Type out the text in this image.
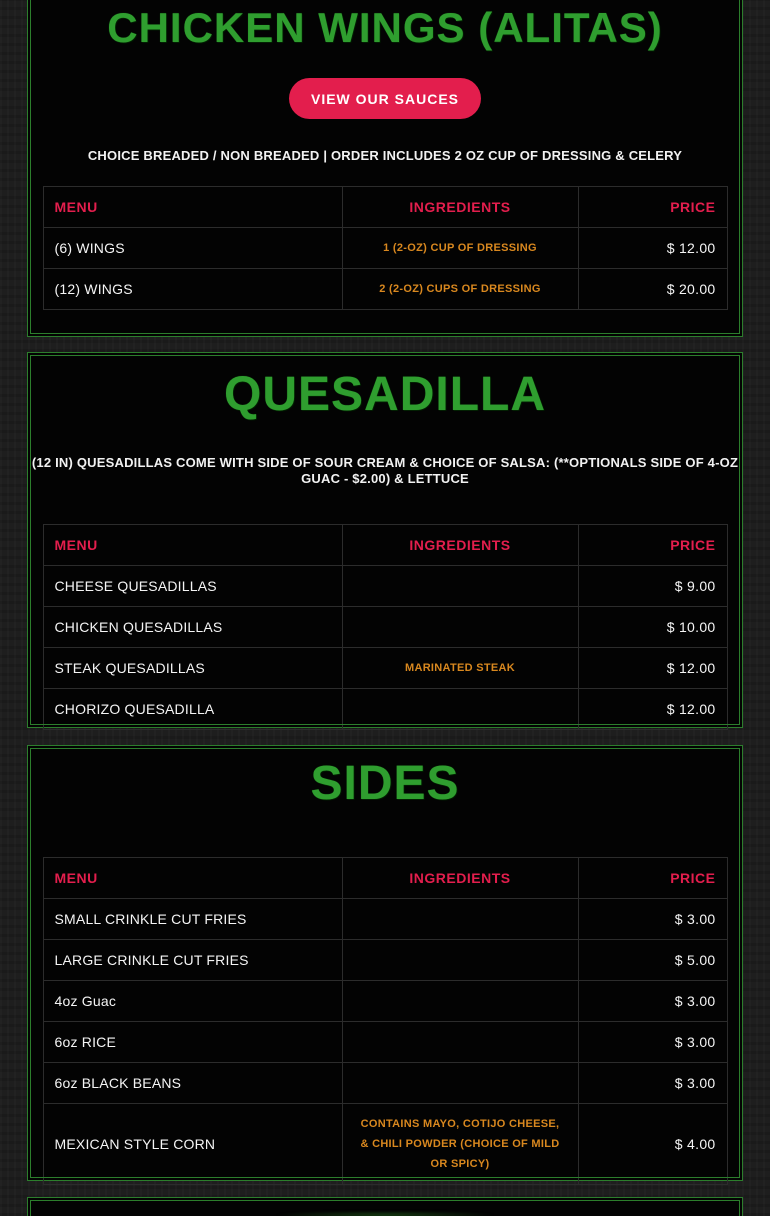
CHICKEN WINGS (ALITAS)
VIEW OUR SAUCES

CHOICE BREADED / NON BREADED | ORDER INCLUDES 2 OZ CUP OF DRESSING & CELERY

MENU	INGREDIENTS	PRICE
(6) WINGS	1 (2-OZ) CUP OF DRESSING	$ 12.00
(12) WINGS	2 (2-OZ) CUPS OF DRESSING	$ 20.00
QUESADILLA

(12 IN) QUESADILLAS COME WITH SIDE OF SOUR CREAM & CHOICE OF SALSA: (**OPTIONALS SIDE OF 4-OZ GUAC - $2.00) & LETTUCE

MENU	INGREDIENTS	PRICE
CHEESE QUESADILLAS		$ 9.00
CHICKEN QUESADILLAS		$ 10.00
STEAK QUESADILLAS	MARINATED STEAK	$ 12.00
CHORIZO QUESADILLA		$ 12.00
SIDES
MENU	INGREDIENTS	PRICE
SMALL CRINKLE CUT FRIES		$ 3.00
LARGE CRINKLE CUT FRIES		$ 5.00
4oz Guac		$ 3.00
6oz RICE		$ 3.00
6oz BLACK BEANS		$ 3.00
MEXICAN STYLE CORN	CONTAINS MAYO, COTIJO CHEESE, & CHILI POWDER (CHOICE OF MILD OR SPICY)	$ 4.00
